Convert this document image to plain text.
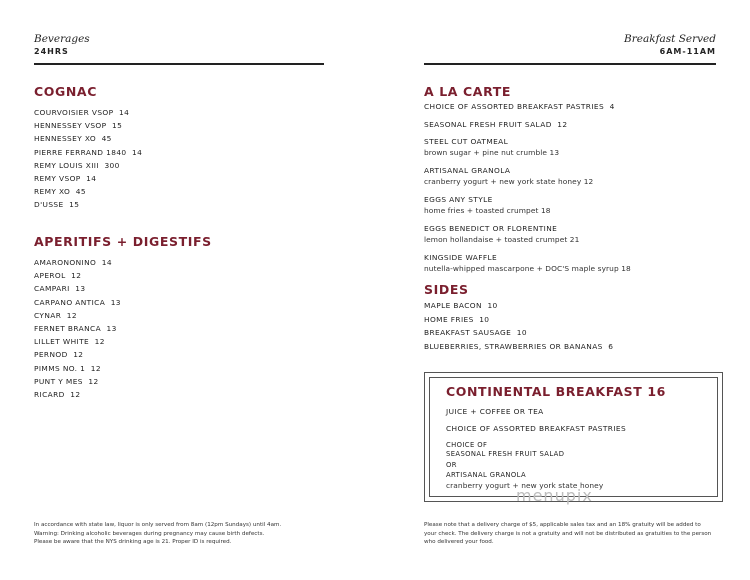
Beverages
24HRS
COGNAC
COURVOISIER VSOP 14
HENNESSEY VSOP 15
HENNESSEY XO 45
PIERRE FERRAND 1840 14
REMY LOUIS XIII 300
REMY VSOP 14
REMY XO 45
D'USSE 15
APERITIFS + DIGESTIFS
AMARONONINO 14
APEROL 12
CAMPARI 13
CARPANO ANTICA 13
CYNAR 12
FERNET BRANCA 13
LILLET WHITE 12
PERNOD 12
PIMMS NO. 1 12
PUNT Y MES 12
RICARD 12
In accordance with state law, liquor is only served from 8am (12pm Sundays) until 4am.
Warning: Drinking alcoholic beverages during pregnancy may cause birth defects.
Please be aware that the NYS drinking age is 21. Proper ID is required.
Breakfast Served
6AM-11AM
A LA CARTE
CHOICE OF ASSORTED BREAKFAST PASTRIES 4
SEASONAL FRESH FRUIT SALAD 12
STEEL CUT OATMEAL
brown sugar + pine nut crumble 13
ARTISANAL GRANOLA
cranberry yogurt + new york state honey 12
EGGS ANY STYLE
home fries + toasted crumpet 18
EGGS BENEDICT OR FLORENTINE
lemon hollandaise + toasted crumpet 21
KINGSIDE WAFFLE
nutella-whipped mascarpone + DOC'S maple syrup 18
SIDES
MAPLE BACON 10
HOME FRIES 10
BREAKFAST SAUSAGE 10
BLUEBERRIES, STRAWBERRIES OR BANANAS 6
CONTINENTAL BREAKFAST 16
JUICE + COFFEE OR TEA
CHOICE OF ASSORTED BREAKFAST PASTRIES
CHOICE OF
SEASONAL FRESH FRUIT SALAD
OR
ARTISANAL GRANOLA
cranberry yogurt + new york state honey
menupix
Please note that a delivery charge of $5, applicable sales tax and an 18% gratuity will be added to
your check. The delivery charge is not a gratuity and will not be distributed as gratuities to the person
who delivered your food.
